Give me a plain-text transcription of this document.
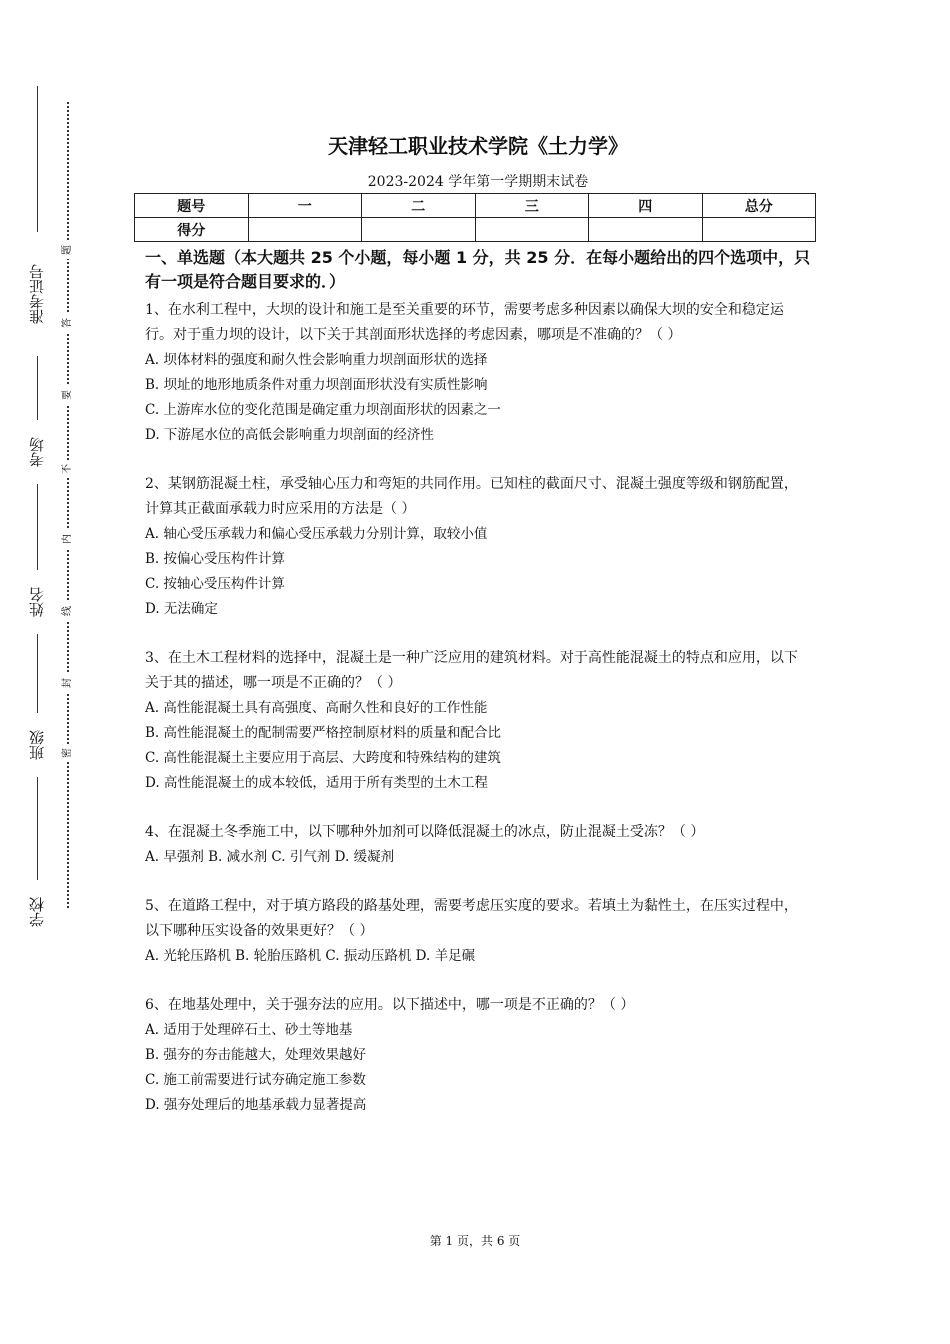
准考证号
考场
姓名
班级
学校
题
答
要
不
内
线
封
密
天津轻工职业技术学院《土力学》

2023-2024 学年第一学期期末试卷

题号	一	二	三	四	总分
得分					

一、单选题（本大题共 25 个小题，每小题 1 分，共 25 分．在每小题给出的四个选项中，只有一项是符合题目要求的．）

1、在水利工程中，大坝的设计和施工是至关重要的环节，需要考虑多种因素以确保大坝的安全和稳定运行。对于重力坝的设计，以下关于其剖面形状选择的考虑因素，哪项是不准确的？（ ）

A. 坝体材料的强度和耐久性会影响重力坝剖面形状的选择

B. 坝址的地形地质条件对重力坝剖面形状没有实质性影响

C. 上游库水位的变化范围是确定重力坝剖面形状的因素之一

D. 下游尾水位的高低会影响重力坝剖面的经济性

2、某钢筋混凝土柱，承受轴心压力和弯矩的共同作用。已知柱的截面尺寸、混凝土强度等级和钢筋配置，计算其正截面承载力时应采用的方法是（ ）

A. 轴心受压承载力和偏心受压承载力分别计算，取较小值

B. 按偏心受压构件计算

C. 按轴心受压构件计算

D. 无法确定

3、在土木工程材料的选择中，混凝土是一种广泛应用的建筑材料。对于高性能混凝土的特点和应用，以下关于其的描述，哪一项是不正确的？（ ）

A. 高性能混凝土具有高强度、高耐久性和良好的工作性能

B. 高性能混凝土的配制需要严格控制原材料的质量和配合比

C. 高性能混凝土主要应用于高层、大跨度和特殊结构的建筑

D. 高性能混凝土的成本较低，适用于所有类型的土木工程

4、在混凝土冬季施工中，以下哪种外加剂可以降低混凝土的冰点，防止混凝土受冻？（ ）

A. 早强剂 B. 减水剂 C. 引气剂 D. 缓凝剂

5、在道路工程中，对于填方路段的路基处理，需要考虑压实度的要求。若填土为黏性土，在压实过程中，以下哪种压实设备的效果更好？（ ）

A. 光轮压路机 B. 轮胎压路机 C. 振动压路机 D. 羊足碾

6、在地基处理中，关于强夯法的应用。以下描述中，哪一项是不正确的？（ ）

A. 适用于处理碎石土、砂土等地基

B. 强夯的夯击能越大，处理效果越好

C. 施工前需要进行试夯确定施工参数

D. 强夯处理后的地基承载力显著提高

第 1 页，共 6 页
